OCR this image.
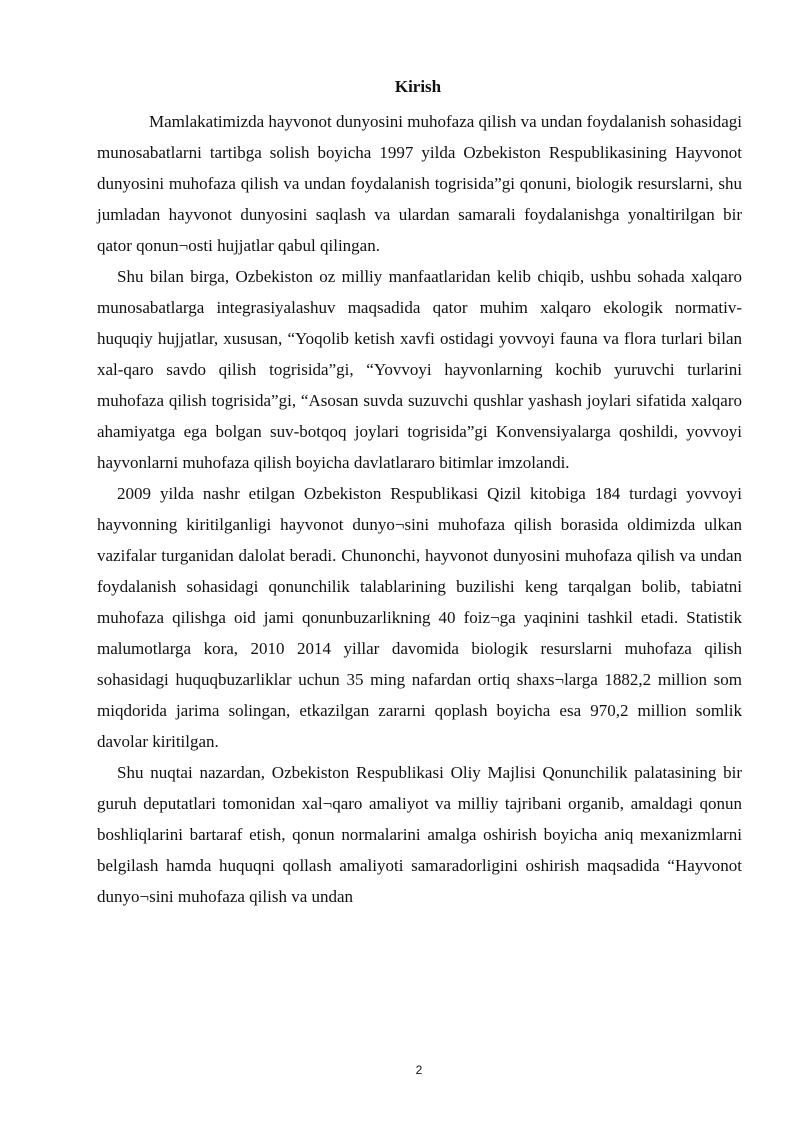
Kirish

Mamlakatimizda hayvonot dunyosini muhofaza qilish va undan foydalanish sohasidagi munosabatlarni tartibga solish boyicha 1997 yilda Ozbekiston Respublikasining Hayvonot dunyosini muhofaza qilish va undan foydalanish togrisida”gi qonuni, biologik resurslarni, shu jumladan hayvonot dunyosini saqlash va ulardan samarali foydalanishga yonaltirilgan bir qator qonun¬osti hujjatlar qabul qilingan.

Shu bilan birga, Ozbekiston oz milliy manfaatlaridan kelib chiqib, ushbu sohada xalqaro munosabatlarga integrasiyalashuv maqsadida qator muhim xalqaro ekologik normativ-huquqiy hujjatlar, xususan, “Yoqolib ketish xavfi ostidagi yovvoyi fauna va flora turlari bilan xal-qaro savdo qilish togrisida”gi, “Yovvoyi hayvonlarning kochib yuruvchi turlarini muhofaza qilish togrisida”gi, “Asosan suvda suzuvchi qushlar yashash joylari sifatida xalqaro ahamiyatga ega bolgan suv-botqoq joylari togrisida”gi Konvensiyalarga qoshildi, yovvoyi hayvonlarni muhofaza qilish boyicha davlatlararo bitimlar imzolandi.

2009 yilda nashr etilgan Ozbekiston Respublikasi Qizil kitobiga 184 turdagi yovvoyi hayvonning kiritilganligi hayvonot dunyo¬sini muhofaza qilish borasida oldimizda ulkan vazifalar turganidan dalolat beradi. Chunonchi, hayvonot dunyosini muhofaza qilish va undan foydalanish sohasidagi qonunchilik talablarining buzilishi keng tarqalgan bolib, tabiatni muhofaza qilishga oid jami qonunbuzarlikning 40 foiz¬ga yaqinini tashkil etadi. Statistik malumotlarga kora, 2010 2014 yillar davomida biologik resurslarni muhofaza qilish sohasidagi huquqbuzarliklar uchun 35 ming nafardan ortiq shaxs¬larga 1882,2 million som miqdorida jarima solingan, etkazilgan zararni qoplash boyicha esa 970,2 million somlik davolar kiritilgan.

Shu nuqtai nazardan, Ozbekiston Respublikasi Oliy Majlisi Qonunchilik palatasining bir guruh deputatlari tomonidan xal¬qaro amaliyot va milliy tajribani organib, amaldagi qonun boshliqlarini bartaraf etish, qonun normalarini amalga oshirish boyicha aniq mexanizmlarni belgilash hamda huquqni qollash amaliyoti samaradorligini oshirish maqsadida “Hayvonot dunyo¬sini muhofaza qilish va undan

2
